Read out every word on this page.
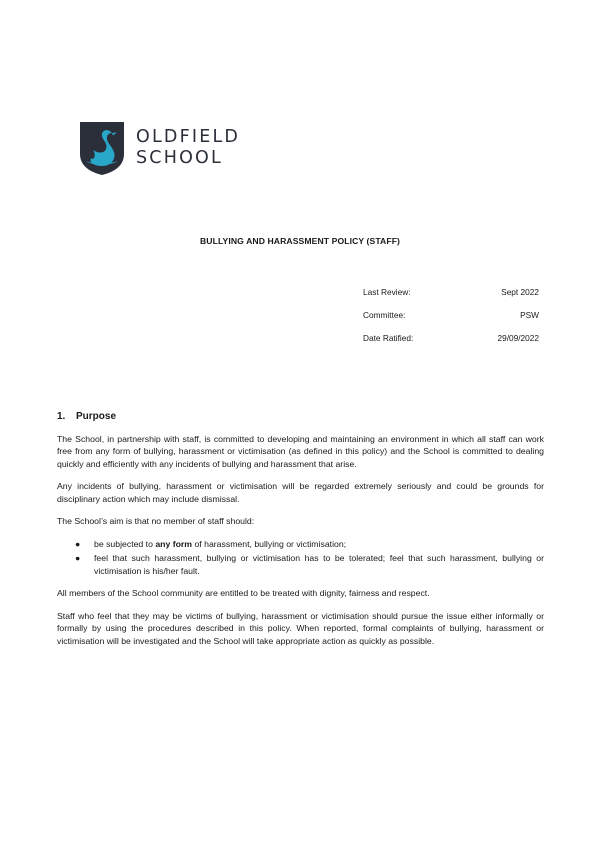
OLDFIELD
SCHOOL
BULLYING AND HARASSMENT POLICY (STAFF)
Last Review:	Sept 2022
Committee:	PSW
Date Ratified:	29/09/2022
1.	Purpose

The School, in partnership with staff, is committed to developing and maintaining an environment in which all staff can work free from any form of bullying, harassment or victimisation (as defined in this policy) and the School is committed to dealing quickly and efficiently with any incidents of bullying and harassment that arise.

Any incidents of bullying, harassment or victimisation will be regarded extremely seriously and could be grounds for disciplinary action which may include dismissal.

The School’s aim is that no member of staff should:

● be subjected to any form of harassment, bullying or victimisation;
● feel that such harassment, bullying or victimisation has to be tolerated; feel that such harassment, bullying or victimisation is his/her fault.

All members of the School community are entitled to be treated with dignity, fairness and respect.

Staff who feel that they may be victims of bullying, harassment or victimisation should pursue the issue either informally or formally by using the procedures described in this policy. When reported, formal complaints of bullying, harassment or victimisation will be investigated and the School will take appropriate action as quickly as possible.
